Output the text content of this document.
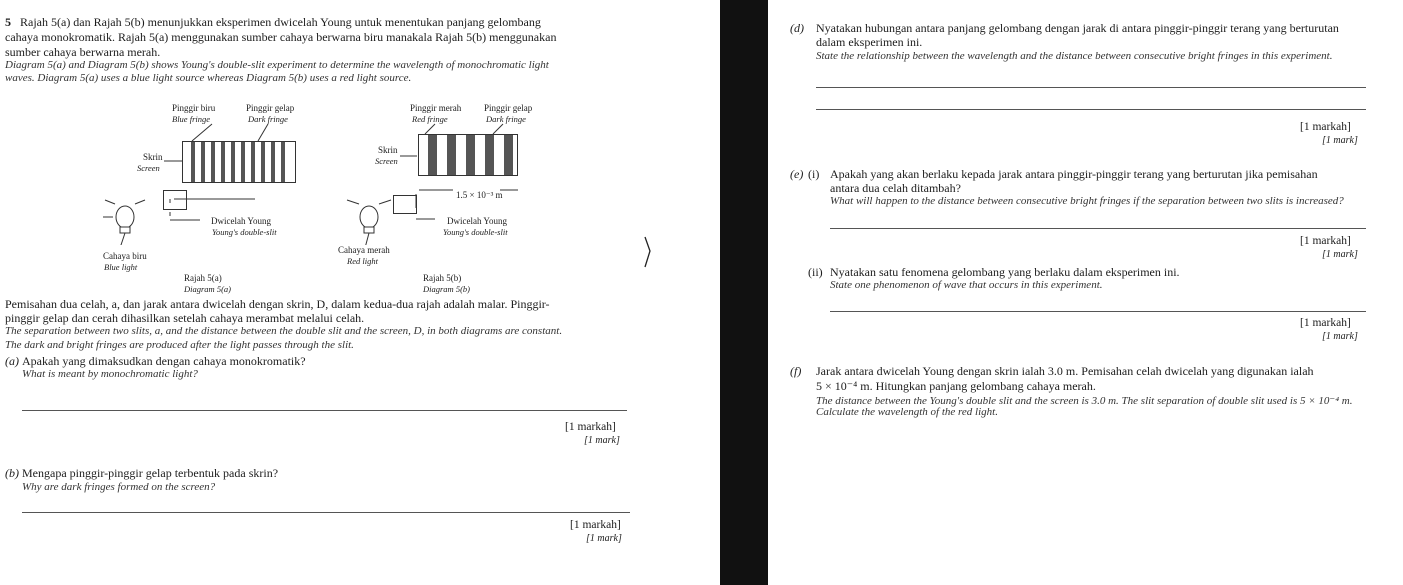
5 Rajah 5(a) dan Rajah 5(b) menunjukkan eksperimen dwicelah Young untuk menentukan panjang gelombang
cahaya monokromatik. Rajah 5(a) menggunakan sumber cahaya berwarna biru manakala Rajah 5(b) menggunakan
sumber cahaya berwarna merah.
Diagram 5(a) and Diagram 5(b) shows Young's double-slit experiment to determine the wavelength of monochromatic light
waves. Diagram 5(a) uses a blue light source whereas Diagram 5(b) uses a red light source.
Pinggir biru
Blue fringe
Pinggir gelap
Dark fringe
Skrin
Screen
Dwicelah Young
Young's double-slit
Cahaya biru
Blue light
Rajah 5(a)
Diagram 5(a)
Pinggir merah
Red fringe
Pinggir gelap
Dark fringe
Skrin
Screen
1.5 × 10⁻³ m
Dwicelah Young
Young's double-slit
Cahaya merah
Red light
Rajah 5(b)
Diagram 5(b)
Pemisahan dua celah, a, dan jarak antara dwicelah dengan skrin, D, dalam kedua-dua rajah adalah malar. Pinggir-
pinggir gelap dan cerah dihasilkan setelah cahaya merambat melalui celah.
The separation between two slits, a, and the distance between the double slit and the screen, D, in both diagrams are constant.
The dark and bright fringes are produced after the light passes through the slit.
(a) Apakah yang dimaksudkan dengan cahaya monokromatik?
What is meant by monochromatic light?
[1 markah]
[1 mark]
(b) Mengapa pinggir-pinggir gelap terbentuk pada skrin?
Why are dark fringes formed on the screen?
[1 markah]
[1 mark]
(d) Nyatakan hubungan antara panjang gelombang dengan jarak di antara pinggir-pinggir terang yang berturutan
dalam eksperimen ini.
State the relationship between the wavelength and the distance between consecutive bright fringes in this experiment.
[1 markah]
[1 mark]
(e) (i) Apakah yang akan berlaku kepada jarak antara pinggir-pinggir terang yang berturutan jika pemisahan
antara dua celah ditambah?
What will happen to the distance between consecutive bright fringes if the separation between two slits is increased?
[1 markah]
[1 mark]
(ii) Nyatakan satu fenomena gelombang yang berlaku dalam eksperimen ini.
State one phenomenon of wave that occurs in this experiment.
[1 markah]
[1 mark]
(f) Jarak antara dwicelah Young dengan skrin ialah 3.0 m. Pemisahan celah dwicelah yang digunakan ialah
5 × 10⁻⁴ m. Hitungkan panjang gelombang cahaya merah.
The distance between the Young's double slit and the screen is 3.0 m. The slit separation of double slit used is 5 × 10⁻⁴ m.
Calculate the wavelength of the red light.
